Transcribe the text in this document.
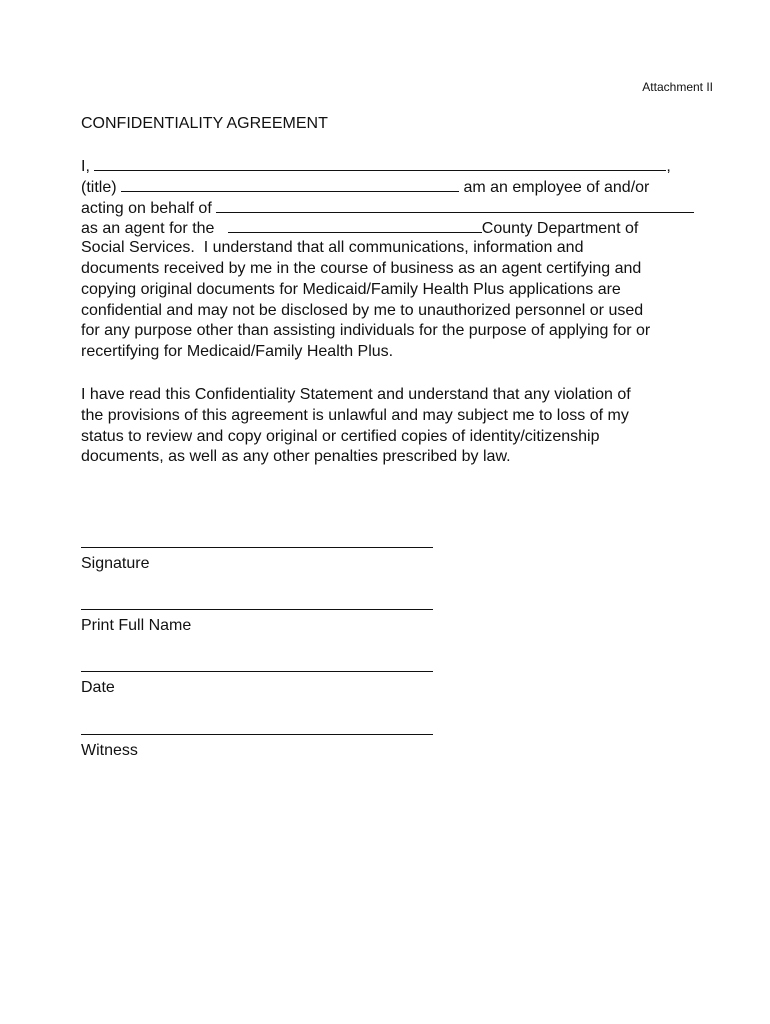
Attachment II
CONFIDENTIALITY AGREEMENT
I,	,
(title)	am an employee of and/or
acting on behalf of
as an agent for the	County Department of
Social Services.  I understand that all communications, information and
documents received by me in the course of business as an agent certifying and
copying original documents for Medicaid/Family Health Plus applications are
confidential and may not be disclosed by me to unauthorized personnel or used
for any purpose other than assisting individuals for the purpose of applying for or
recertifying for Medicaid/Family Health Plus.
I have read this Confidentiality Statement and understand that any violation of
the provisions of this agreement is unlawful and may subject me to loss of my
status to review and copy original or certified copies of identity/citizenship
documents, as well as any other penalties prescribed by law.
Signature
Print Full Name
Date
Witness
